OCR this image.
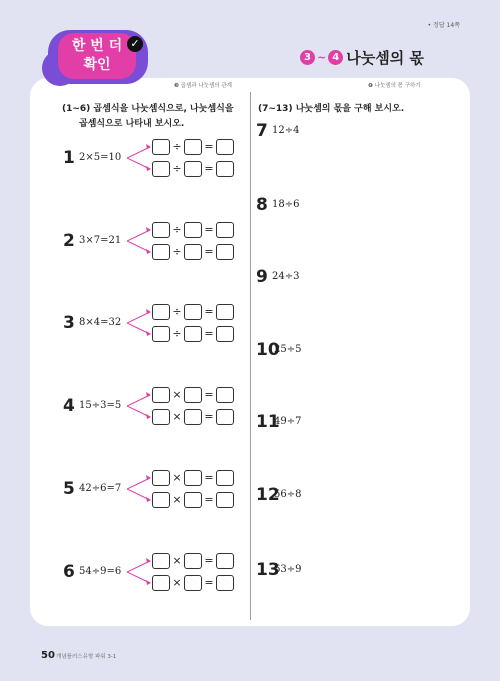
한 번 더
확인
✓
• 정답 14쪽
3 ~ 4 나눗셈의 몫
❸ 곱셈과 나눗셈의 관계
(1~6) 곱셈식을 나눗셈식으로, 나눗셈식을
곱셈식으로 나타내 보시오.
❹ 나눗셈의 몫 구하기
(7~13) 나눗셈의 몫을 구해 보시오.
1 2×5=10
÷ =
÷ =
2 3×7=21
÷ =
÷ =
3 8×4=32
÷ =
÷ =
4 15÷3=5
× =
× =
5 42÷6=7
× =
× =
6 54÷9=6
× =
× =
7 12÷4
8 18÷6
9 24÷3
10
25÷5
11
49÷7
12
56÷8
13
63÷9
50 개념플러스유형 파워 3-1
